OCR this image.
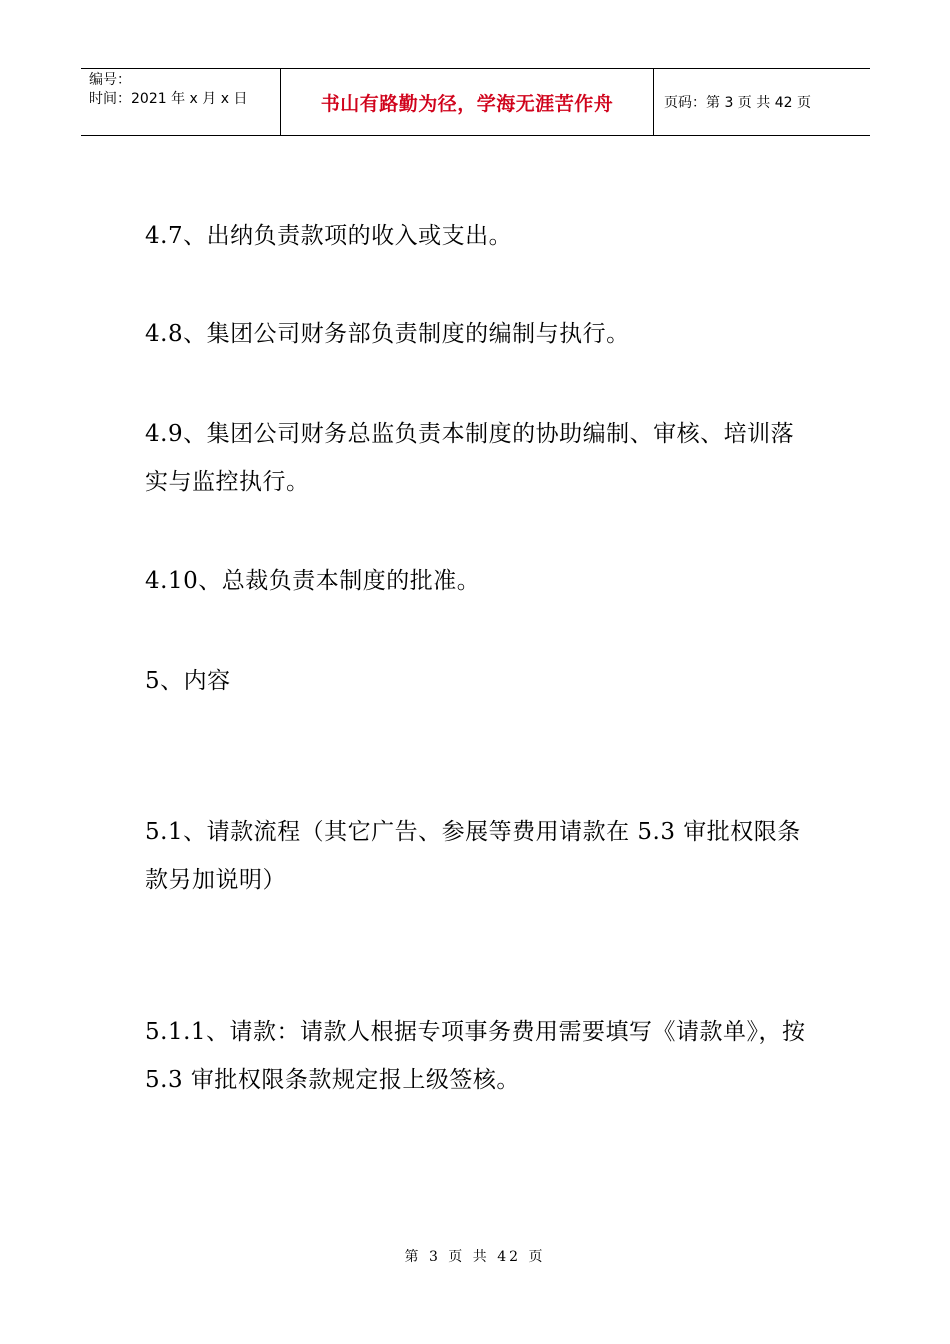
编号：
时间：2021 年 x 月 x 日	书山有路勤为径，学海无涯苦作舟	页码：第 3 页 共 42 页

4.7、出纳负责款项的收入或支出。

4.8、集团公司财务部负责制度的编制与执行。

4.9、集团公司财务总监负责本制度的协助编制、审核、培训落实与监控执行。

4.10、总裁负责本制度的批准。

5、内容

5.1、请款流程（其它广告、参展等费用请款在 5.3 审批权限条款另加说明）

5.1.1、请款：请款人根据专项事务费用需要填写《请款单》，按 5.3 审批权限条款规定报上级签核。

第 3 页 共 42 页
